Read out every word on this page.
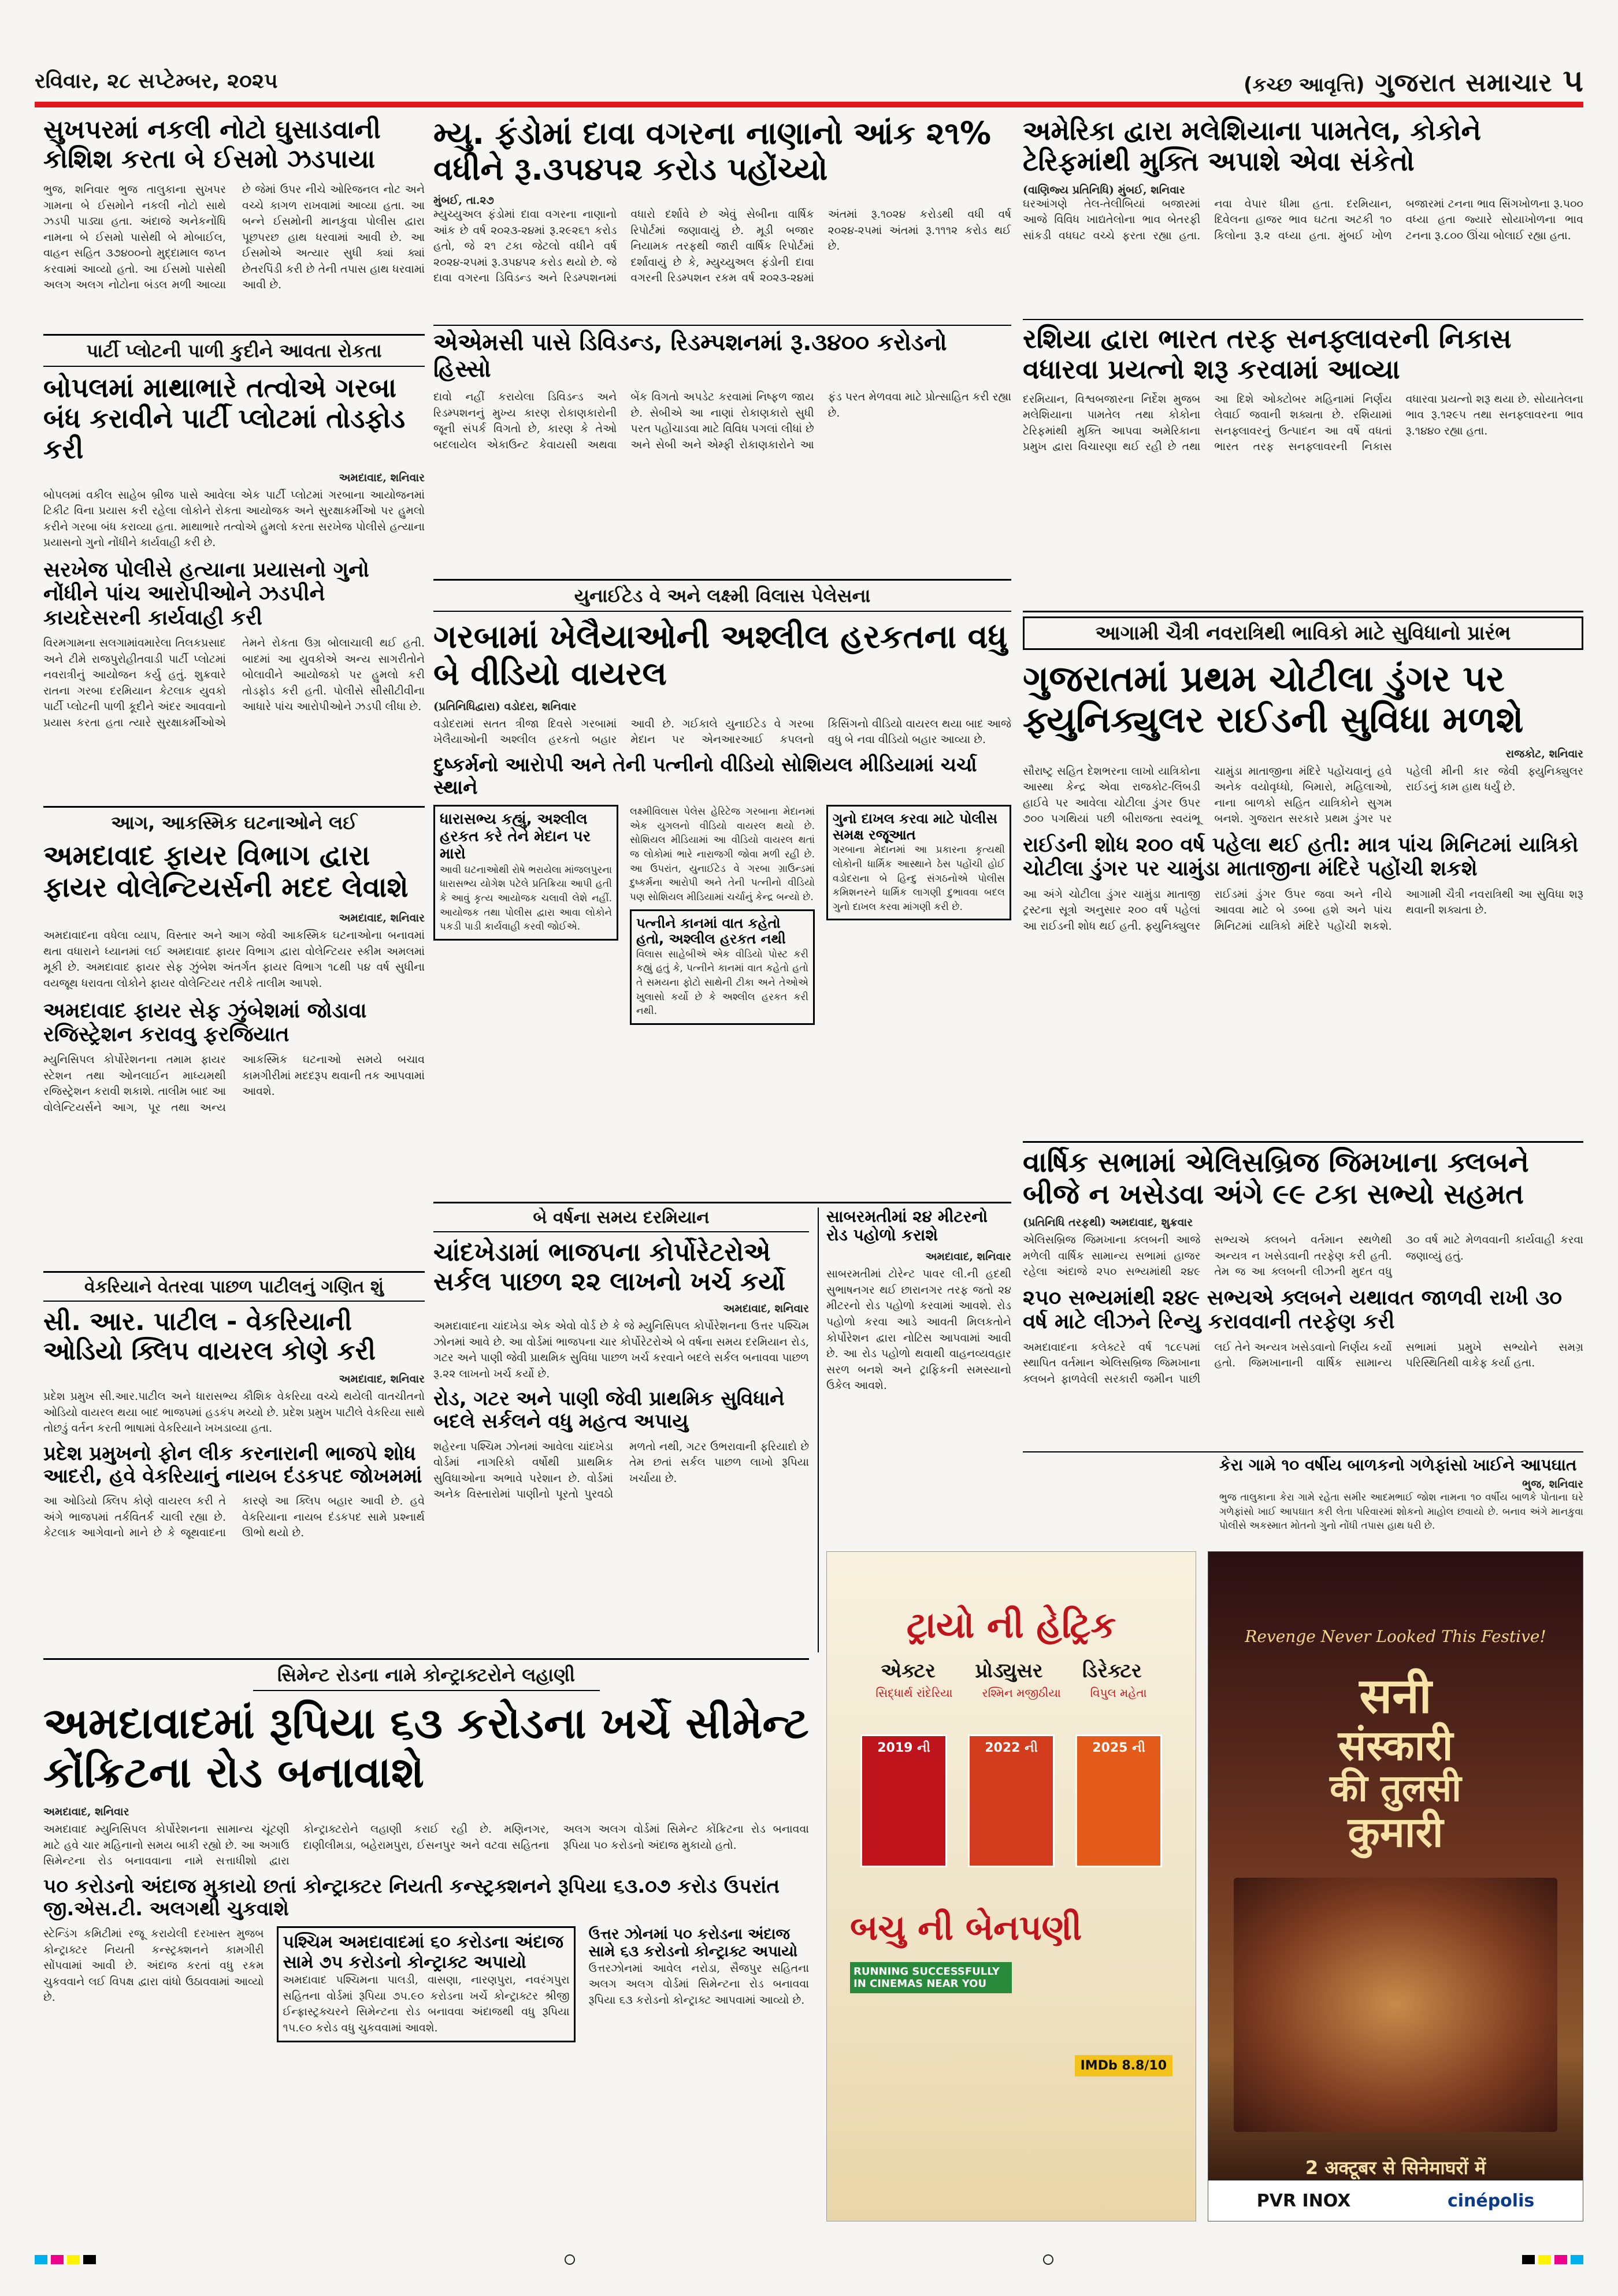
રવિવાર, ૨૮ સપ્ટેમ્બર, ૨૦૨૫	(કચ્છ આવૃત્તિ) ગુજરાત સમાચાર ૫
સુખપરમાં નકલી નોટો ઘુસાડવાની કોશિશ કરતા બે ઈસમો ઝડપાયા
ભુજ, શનિવાર ભુજ તાલુકાના સુખપર ગામના બે ઈસમોને નકલી નોટો સાથે ઝડપી પાડ્યા હતા. અંદાજે અનેકનોંધિ નામના બે ઈસમો પાસેથી બે મોબાઈલ, વાહન સહિત ૩૭૪૦૦નો મુદ્દામાલ જપ્ત કરવામાં આવ્યો હતો. આ ઈસમો પાસેથી અલગ અલગ નોટોના બંડલ મળી આવ્યા છે જેમાં ઉપર નીચે ઓરિજનલ નોટ અને વચ્ચે કાગળ રાખવામાં આવ્યા હતા. આ બન્ને ઈસમોની માનકુવા પોલીસ દ્વારા પૂછપરછ હાથ ધરવામાં આવી છે. આ ઈસમોએ અત્યાર સુધી ક્યાં ક્યાં છેતરપિંડી કરી છે તેની તપાસ હાથ ધરવામાં આવી છે.
પાર્ટી પ્લોટની પાળી કુદીને આવતા રોકતા
બોપલમાં માથાભારે તત્વોએ ગરબા બંધ કરાવીને પાર્ટી પ્લોટમાં તોડફોડ કરી
અમદાવાદ, શનિવાર
બોપલમાં વકીલ સાહેબ બ્રીજ પાસે આવેલા એક પાર્ટી પ્લોટમાં ગરબાના આયોજનમાં ટિકીટ વિના પ્રયાસ કરી રહેલા લોકોને રોકતા આયોજક અને સુરક્ષાકર્મીઓ પર હુમલો કરીને ગરબા બંધ કરાવ્યા હતા. માથાભારે તત્વોએ હુમલો કરતા સરખેજ પોલીસે હત્યાના પ્રયાસનો ગુનો નોંધીને કાર્યવાહી કરી છે.
સરખેજ પોલીસે હત્યાના પ્રયાસનો ગુનો નોંધીને પાંચ આરોપીઓને ઝડપીને કાયદેસરની કાર્યવાહી કરી
વિરમગામના સલગામાંવમારેલા તિલકપ્રસાદ અને ટીમે રાજપુરોહીતવાડી પાર્ટી પ્લોટમાં નવરાત્રીનું આયોજન કર્યુ હતું. શુક્રવારે રાતના ગરબા દરમિયાન કેટલાક યુવકો પાર્ટી પ્લોટની પાળી કૂદીને અંદર આવવાનો પ્રયાસ કરતા હતા ત્યારે સુરક્ષાકર્મીઓએ તેમને રોકતા ઉગ્ર બોલાચાલી થઈ હતી. બાદમાં આ યુવકોએ અન્ય સાગરીતોને બોલાવીને આયોજકો પર હુમલો કરી તોડફોડ કરી હતી. પોલીસે સીસીટીવીના આધારે પાંચ આરોપીઓને ઝડપી લીધા છે.
આગ, આકસ્મિક ઘટનાઓને લઈ
અમદાવાદ ફાયર વિભાગ દ્વારા ફાયર વોલેન્ટિયર્સની મદદ લેવાશે
અમદાવાદ, શનિવાર
અમદાવાદના વધેલા વ્યાપ, વિસ્તાર અને આગ જેવી આકસ્મિક ઘટનાઓના બનાવમાં થતા વધારાને ધ્યાનમાં લઈ અમદાવાદ ફાયર વિભાગ દ્વારા વોલેન્ટિયર સ્કીમ અમલમાં મૂકી છે. અમદાવાદ ફાયર સેફ ઝુંબેશ અંતર્ગત ફાયર વિભાગ ૧૮થી ૫૪ વર્ષ સુધીના વયજૂથ ધરાવતા લોકોને ફાયર વોલેન્ટિયર તરીકે તાલીમ આપશે.
અમદાવાદ ફાયર સેફ ઝુંબેશમાં જોડાવા રજિસ્ટ્રેશન કરાવવુ ફરજિયાત
મ્યુનિસિપલ કોર્પોરેશનના તમામ ફાયર સ્ટેશન તથા ઓનલાઈન માધ્યમથી રજિસ્ટ્રેશન કરાવી શકાશે. તાલીમ બાદ આ વોલેન્ટિયર્સને આગ, પૂર તથા અન્ય આકસ્મિક ઘટનાઓ સમયે બચાવ કામગીરીમાં મદદરૂપ થવાની તક આપવામાં આવશે.
વેકરિયાને વેતરવા પાછળ પાટીલનું ગણિત શું
સી. આર. પાટીલ - વેકરિયાની ઓડિયો ક્લિપ વાયરલ કોણે કરી
અમદાવાદ, શનિવાર
પ્રદેશ પ્રમુખ સી.આર.પાટીલ અને ધારાસભ્ય કૌશિક વેકરિયા વચ્ચે થયેલી વાતચીતનો ઓડિયો વાયરલ થયા બાદ ભાજપમાં હડકંપ મચ્યો છે. પ્રદેશ પ્રમુખ પાટીલે વેકરિયા સાથે તોછડું વર્તન કરતી ભાષામાં વેકરિયાને ખખડાવ્યા હતા.
પ્રદેશ પ્રમુખનો ફોન લીક કરનારાની ભાજપે શોધ આદરી, હવે વેકરિયાનું નાયબ દંડકપદ જોખમમાં
આ ઓડિયો ક્લિપ કોણે વાયરલ કરી તે અંગે ભાજપમાં તર્કવિતર્ક ચાલી રહ્યા છે. કેટલાક આગેવાનો માને છે કે જૂથવાદના કારણે આ ક્લિપ બહાર આવી છે. હવે વેકરિયાના નાયબ દંડકપદ સામે પ્રશ્નાર્થ ઊભો થયો છે.
મ્યુ. ફંડોમાં દાવા વગરના નાણાનો આંક ૨૧% વધીને રૂ.૩૫૪૫૨ કરોડ પહોંચ્યો
મુંબઈ, તા.૨૭
મ્યુચ્યુઅલ ફંડોમાં દાવા વગરના નાણાનો આંક છે વર્ષ ૨૦૨૩-૨૪માં રૂ.૨૯૨૬૧ કરોડ હતો, જે ૨૧ ટકા જેટલો વધીને વર્ષ ૨૦૨૪-૨૫માં રૂ.૩૫૪૫૨ કરોડ થયો છે. જે દાવા વગરના ડિવિડન્ડ અને રિડમ્પશનમાં વધારો દર્શાવે છે એવું સેબીના વાર્ષિક રિપોર્ટમાં જણાવાયું છે. મૂડી બજાર નિયામક તરફથી જારી વાર્ષિક રિપોર્ટમાં દર્શાવાયું છે કે, મ્યુચ્યુઅલ ફંડોની દાવા વગરની રિડમ્પશન રકમ વર્ષ ૨૦૨૩-૨૪માં અંતમાં રૂ.૧૦૨૪ કરોડથી વધી વર્ષ ૨૦૨૪-૨૫માં અંતમાં રૂ.૧૧૧૨ કરોડ થઈ છે.
એએમસી પાસે ડિવિડન્ડ, રિડમ્પશનમાં રૂ.૩૪૦૦ કરોડનો હિસ્સો
દાવો નહીં કરાયેલા ડિવિડન્ડ અને રિડમ્પશનનું મુખ્ય કારણ રોકાણકારોની જૂની સંપર્ક વિગતો છે, કારણ કે તેઓ બદલાયેલ એકાઉન્ટ કેવાયસી અથવા બેંક વિગતો અપડેટ કરવામાં નિષ્ફળ જાય છે. સેબીએ આ નાણાં રોકાણકારો સુધી પરત પહોંચાડવા માટે વિવિધ પગલાં લીધાં છે અને સેબી અને એમ્ફી રોકાણકારોને આ ફંડ પરત મેળવવા માટે પ્રોત્સાહિત કરી રહ્યા છે.
યુનાઈટેડ વે અને લક્ષ્મી વિલાસ પેલેસના
ગરબામાં ખેલૈયાઓની અશ્લીલ હરકતના વધુ બે વીડિયો વાયરલ
(પ્રતિનિધિદ્વારા) વડોદરા, શનિવાર
વડોદરામાં સતત ત્રીજા દિવસે ગરબામાં ખેલૈયાઓની અશ્લીલ હરકતો બહાર આવી છે. ગઈકાલે યુનાઈટેડ વે ગરબા મેદાન પર એનઆરઆઈ કપલનો કિસિંગનો વીડિયો વાયરલ થયા બાદ આજે વધુ બે નવા વીડિયો બહાર આવ્યા છે.
દુષ્કર્મનો આરોપી અને તેની પત્નીનો વીડિયો સોશિયલ મીડિયામાં ચર્ચા સ્થાને
ધારાસભ્ય કહ્યું, અશ્લીલ હરકત કરે તેને મેદાન પર મારો
આવી ઘટનાઓથી રોષે ભરાયેલા માંજલપુરના ધારાસભ્ય યોગેશ પટેલે પ્રતિક્રિયા આપી હતી કે આવું કૃત્ય આયોજક ચલાવી લેશે નહીં. આયોજક તથા પોલીસ દ્વારા આવા લોકોને પકડી પાડી કાર્યવાહી કરવી જોઈએ.
લક્ષ્મીવિલાસ પેલેસ હેરિટેજ ગરબાના મેદાનમાં એક યુગલનો વીડિયો વાયરલ થયો છે. સોશિયલ મીડિયામાં આ વીડિયો વાયરલ થતાં જ લોકોમાં ભારે નારાજગી જોવા મળી રહી છે. આ ઉપરાંત, યુનાઈટેડ વે ગરબા ગ્રાઉન્ડમાં દુષ્કર્મના આરોપી અને તેની પત્નીનો વીડિયો પણ સોશિયલ મીડિયામાં ચર્ચાનું કેન્દ્ર બન્યો છે.
પત્નીને કાનમાં વાત કહેતો હતો, અશ્લીલ હરકત નથી
વિલાસ સાહેબીએ એક વીડિયો પોસ્ટ કરી કહ્યું હતું કે, પત્નીને કાનમાં વાત કહેતો હતો તે સમયના ફોટો સાથેની ટીકા અને તેઓએ ખુલાસો કર્યો છે કે અશ્લીલ હરકત કરી નથી.
ગુનો દાખલ કરવા માટે પોલીસ સમક્ષ રજૂઆત
ગરબાના મેદાનમાં આ પ્રકારના કૃત્યથી લોકોની ધાર્મિક આસ્થાને ઠેસ પહોંચી હોઈ વડોદરાના બે હિન્દુ સંગઠનોએ પોલીસ કમિશનરને ધાર્મિક લાગણી દુભાવવા બદલ ગુનો દાખલ કરવા માંગણી કરી છે.
બે વર્ષના સમય દરમિયાન
ચાંદખેડામાં ભાજપના કોર્પોરેટરોએ સર્કલ પાછળ ૨૨ લાખનો ખર્ચ કર્યો
અમદાવાદ, શનિવાર
અમદાવાદના ચાંદખેડા એક એવો વોર્ડ છે કે જે મ્યુનિસિપલ કોર્પોરેશનના ઉત્તર પશ્ચિમ ઝોનમાં આવે છે. આ વોર્ડમાં ભાજપના ચાર કોર્પોરેટરોએ બે વર્ષના સમય દરમિયાન રોડ, ગટર અને પાણી જેવી પ્રાથમિક સુવિધા પાછળ ખર્ચ કરવાને બદલે સર્કલ બનાવવા પાછળ રૂ.૨૨ લાખનો ખર્ચ કર્યો છે.
રોડ, ગટર અને પાણી જેવી પ્રાથમિક સુવિધાને બદલે સર્કલને વધુ મહત્વ અપાયુ
શહેરના પશ્ચિમ ઝોનમાં આવેલા ચાંદખેડા વોર્ડમાં નાગરિકો વર્ષોથી પ્રાથમિક સુવિધાઓના અભાવે પરેશાન છે. વોર્ડમાં અનેક વિસ્તારોમાં પાણીનો પૂરતો પુરવઠો મળતો નથી, ગટર ઉભરાવાની ફરિયાદો છે તેમ છતાં સર્કલ પાછળ લાખો રૂપિયા ખર્ચાયા છે.
સાબરમતીમાં ૨૪ મીટરનો રોડ પહોળો કરાશે
અમદાવાદ, શનિવાર
સાબરમતીમાં ટોરેન્ટ પાવર લી.ની હદથી સુભાષનગર થઈ છારાનગર તરફ જતો ૨૪ મીટરનો રોડ પહોળો કરવામાં આવશે. રોડ પહોળો કરવા આડે આવતી મિલકતોને કોર્પોરેશન દ્વારા નોટિસ આપવામાં આવી છે. આ રોડ પહોળો થવાથી વાહનવ્યવહાર સરળ બનશે અને ટ્રાફિકની સમસ્યાનો ઉકેલ આવશે.
અમેરિકા દ્વારા મલેશિયાના પામતેલ, કોકોને ટેરિફમાંથી મુક્તિ અપાશે એવા સંકેતો
(વાણિજ્ય પ્રતિનિધિ) મુંબઈ, શનિવાર
ઘરઆંગણે તેલ-તેલીબિયાં બજારમાં આજે વિવિધ ખાદ્યતેલોના ભાવ બેતરફી સાંકડી વધઘટ વચ્ચે ફરતા રહ્યા હતા. નવા વેપાર ધીમા હતા. દરમિયાન, દિવેલના હાજર ભાવ ઘટતા અટકી ૧૦ કિલોના રૂ.૨ વધ્યા હતા. મુંબઈ ખોળ બજારમાં ટનના ભાવ સિંગખોળના રૂ.૫૦૦ વધ્યા હતા જ્યારે સોયાખોળના ભાવ ટનના રૂ.૮૦૦ ઊંચા બોલાઈ રહ્યા હતા.
રશિયા દ્વારા ભારત તરફ સનફ્લાવરની નિકાસ વધારવા પ્રયત્નો શરૂ કરવામાં આવ્યા
દરમિયાન, વિશ્વબજારના નિર્દેશ મુજબ મલેશિયાના પામતેલ તથા કોકોના ટેરિફમાંથી મુક્તિ આપવા અમેરિકાના પ્રમુખ દ્વારા વિચારણા થઈ રહી છે તથા આ દિશે ઓક્ટોબર મહિનામાં નિર્ણય લેવાઈ જવાની શક્યતા છે. રશિયામાં સનફ્લાવરનું ઉત્પાદન આ વર્ષે વધતાં ભારત તરફ સનફ્લાવરની નિકાસ વધારવા પ્રયત્નો શરૂ થયા છે. સોયાતેલના ભાવ રૂ.૧૨૯૫ તથા સનફ્લાવરના ભાવ રૂ.૧૪૪૦ રહ્યા હતા.
આગામી ચૈત્રી નવરાત્રિથી ભાવિકો માટે સુવિધાનો પ્રારંભ
ગુજરાતમાં પ્રથમ ચોટીલા ડુંગર પર ફ્યુનિક્યુલર રાઈડની સુવિધા મળશે
રાજકોટ, શનિવાર
સૌરાષ્ટ્ર સહિત દેશભરના લાખો યાત્રિકોના આસ્થા કેન્દ્ર એવા રાજકોટ-લિંબડી હાઈવે પર આવેલા ચોટીલા ડુંગર ઉપર ૭૦૦ પગથિયાં પછી બીરાજતા સ્વયંભૂ ચામુંડા માતાજીના મંદિરે પહોંચવાનું હવે અનેક વયોવૃધ્ધો, બિમારો, મહિલાઓ, નાના બાળકો સહિત યાત્રિકોને સુગમ બનશે. ગુજરાત સરકારે પ્રથમ ડુંગર પર પહેલી મીની કાર જેવી ફ્યુનિક્યુલર રાઈડનું કામ હાથ ધર્યું છે.
રાઈડની શોધ ૨૦૦ વર્ષ પહેલા થઈ હતી: માત્ર પાંચ મિનિટમાં યાત્રિકો ચોટીલા ડુંગર પર ચામુંડા માતાજીના મંદિરે પહોંચી શકશે
આ અંગે ચોટીલા ડુંગર ચામુંડા માતાજી ટ્રસ્ટના સૂત્રો અનુસાર ૨૦૦ વર્ષ પહેલાં આ રાઈડની શોધ થઈ હતી. ફ્યુનિક્યુલર રાઈડમાં ડુંગર ઉપર જવા અને નીચે આવવા માટે બે ડબ્બા હશે અને પાંચ મિનિટમાં યાત્રિકો મંદિરે પહોંચી શકશે. આગામી ચૈત્રી નવરાત્રિથી આ સુવિધા શરૂ થવાની શક્યતા છે.
વાર્ષિક સભામાં એલિસબ્રિજ જિમખાના ક્લબને બીજે ન ખસેડવા અંગે ૯૯ ટકા સભ્યો સહમત
(પ્રતિનિધિ તરફથી) અમદાવાદ, શુક્રવાર
એલિસબ્રિજ જિમખાના ક્લબની આજે મળેલી વાર્ષિક સામાન્ય સભામાં હાજર રહેલા અંદાજે ૨૫૦ સભ્યમાંથી ૨૪૯ સભ્યએ ક્લબને વર્તમાન સ્થળેથી અન્યત્ર ન ખસેડવાની તરફેણ કરી હતી. તેમ જ આ ક્લબની લીઝની મુદત વધુ ૩૦ વર્ષ માટે મેળવવાની કાર્યવાહી કરવા જણાવ્યું હતું.
૨૫૦ સભ્યમાંથી ૨૪૯ સભ્યએ ક્લબને યથાવત જાળવી રાખી ૩૦ વર્ષ માટે લીઝને રિન્યુ કરાવવાની તરફેણ કરી
અમદાવાદના કલેક્ટરે વર્ષ ૧૮૯૫માં સ્થાપિત વર્તમાન એલિસબ્રિજ જિમખાના ક્લબને ફાળવેલી સરકારી જમીન પાછી લઈ તેને અન્યત્ર ખસેડવાનો નિર્ણય કર્યો હતો. જિમખાનાની વાર્ષિક સામાન્ય સભામાં પ્રમુખે સભ્યોને સમગ્ર પરિસ્થિતિથી વાકેફ કર્યા હતા.
કેરા ગામે ૧૦ વર્ષીય બાળકનો ગળેફાંસો ખાઈને આપઘાત
ભુજ, શનિવાર
ભુજ તાલુકાના કેરા ગામે રહેતા સમીર આદમભાઈ જોશ નામના ૧૦ વર્ષીય બાળકે પોતાના ઘરે ગળેફાંસો ખાઈ આપઘાત કરી લેતા પરિવારમાં શોકનો માહોલ છવાયો છે. બનાવ અંગે માનકુવા પોલીસે અકસ્માત મોતનો ગુનો નોંધી તપાસ હાથ ધરી છે.
સિમેન્ટ રોડના નામે કોન્ટ્રાક્ટરોને લહાણી
અમદાવાદમાં રૂપિયા ૬૩ કરોડના ખર્ચે સીમેન્ટ કોંક્રિટના રોડ બનાવાશે
અમદાવાદ, શનિવાર
અમદાવાદ મ્યુનિસિપલ કોર્પોરેશનના સામાન્ય ચૂંટણી માટે હવે ચાર મહિનાનો સમય બાકી રહ્યો છે. આ અગાઉ સિમેન્ટના રોડ બનાવવાના નામે સત્તાધીશો દ્વારા કોન્ટ્રાક્ટરોને લહાણી કરાઈ રહી છે. મણિનગર, દાણીલીમડા, બહેરામપુરા, ઈસનપુર અને વટવા સહિતના અલગ અલગ વોર્ડમાં સિમેન્ટ કોંક્રિટના રોડ બનાવવા રૂપિયા ૫૦ કરોડનો અંદાજ મુકાયો હતો.
૫૦ કરોડનો અંદાજ મુકાયો છતાં કોન્ટ્રાક્ટર નિયતી કન્સ્ટ્રક્શનને રૂપિયા ૬૩.૦૭ કરોડ ઉપરાંત જી.એસ.ટી. અલગથી ચુકવાશે
સ્ટેન્ડિંગ કમિટીમાં રજૂ કરાયેલી દરખાસ્ત મુજબ કોન્ટ્રાક્ટર નિયતી કન્સ્ટ્રક્શનને કામગીરી સોંપવામાં આવી છે. અંદાજ કરતાં વધુ રકમ ચુકવવાને લઈ વિપક્ષ દ્વારા વાંધો ઉઠાવવામાં આવ્યો છે.
પશ્ચિમ અમદાવાદમાં ૬૦ કરોડના અંદાજ સામે ૭૫ કરોડનો કોન્ટ્રાક્ટ અપાયો
અમદાવાદ પશ્ચિમના પાલડી, વાસણા, નારણપુરા, નવરંગપુરા સહિતના વોર્ડમાં રૂપિયા ૭૫.૯૦ કરોડના ખર્ચે કોન્ટ્રાક્ટર શ્રીજી ઈન્ફ્રાસ્ટ્રક્ચરને સિમેન્ટના રોડ બનાવવા અંદાજથી વધુ રૂપિયા ૧૫.૯૦ કરોડ વધુ ચુકવવામાં આવશે.
ઉત્તર ઝોનમાં ૫૦ કરોડના અંદાજ સામે ૬૩ કરોડનો કોન્ટ્રાક્ટ અપાયો
ઉત્તરઝોનમાં આવેલ નરોડા, સૈજપુર સહિતના અલગ અલગ વોર્ડમાં સિમેન્ટના રોડ બનાવવા રૂપિયા ૬૩ કરોડનો કોન્ટ્રાક્ટ આપવામાં આવ્યો છે.
ટ્રાયો ની હેટ્રિક
એક્ટર પ્રોડ્યુસર ડિરેક્ટર
સિદ્ધાર્થ રાંદેરિયા	રશ્મિન મજીઠીયા	વિપુલ મહેતા
2019 ની	2022 ની	2025 ની
બચુ ની બેનપણી
RUNNING SUCCESSFULLY IN CINEMAS NEAR YOU
IMDb 8.8/10
Revenge Never Looked This Festive!
सनी
संस्कारी
की तुलसी
कुमारी
2 अक्टूबर से सिनेमाघरों में
PVR INOX	cinépolis
